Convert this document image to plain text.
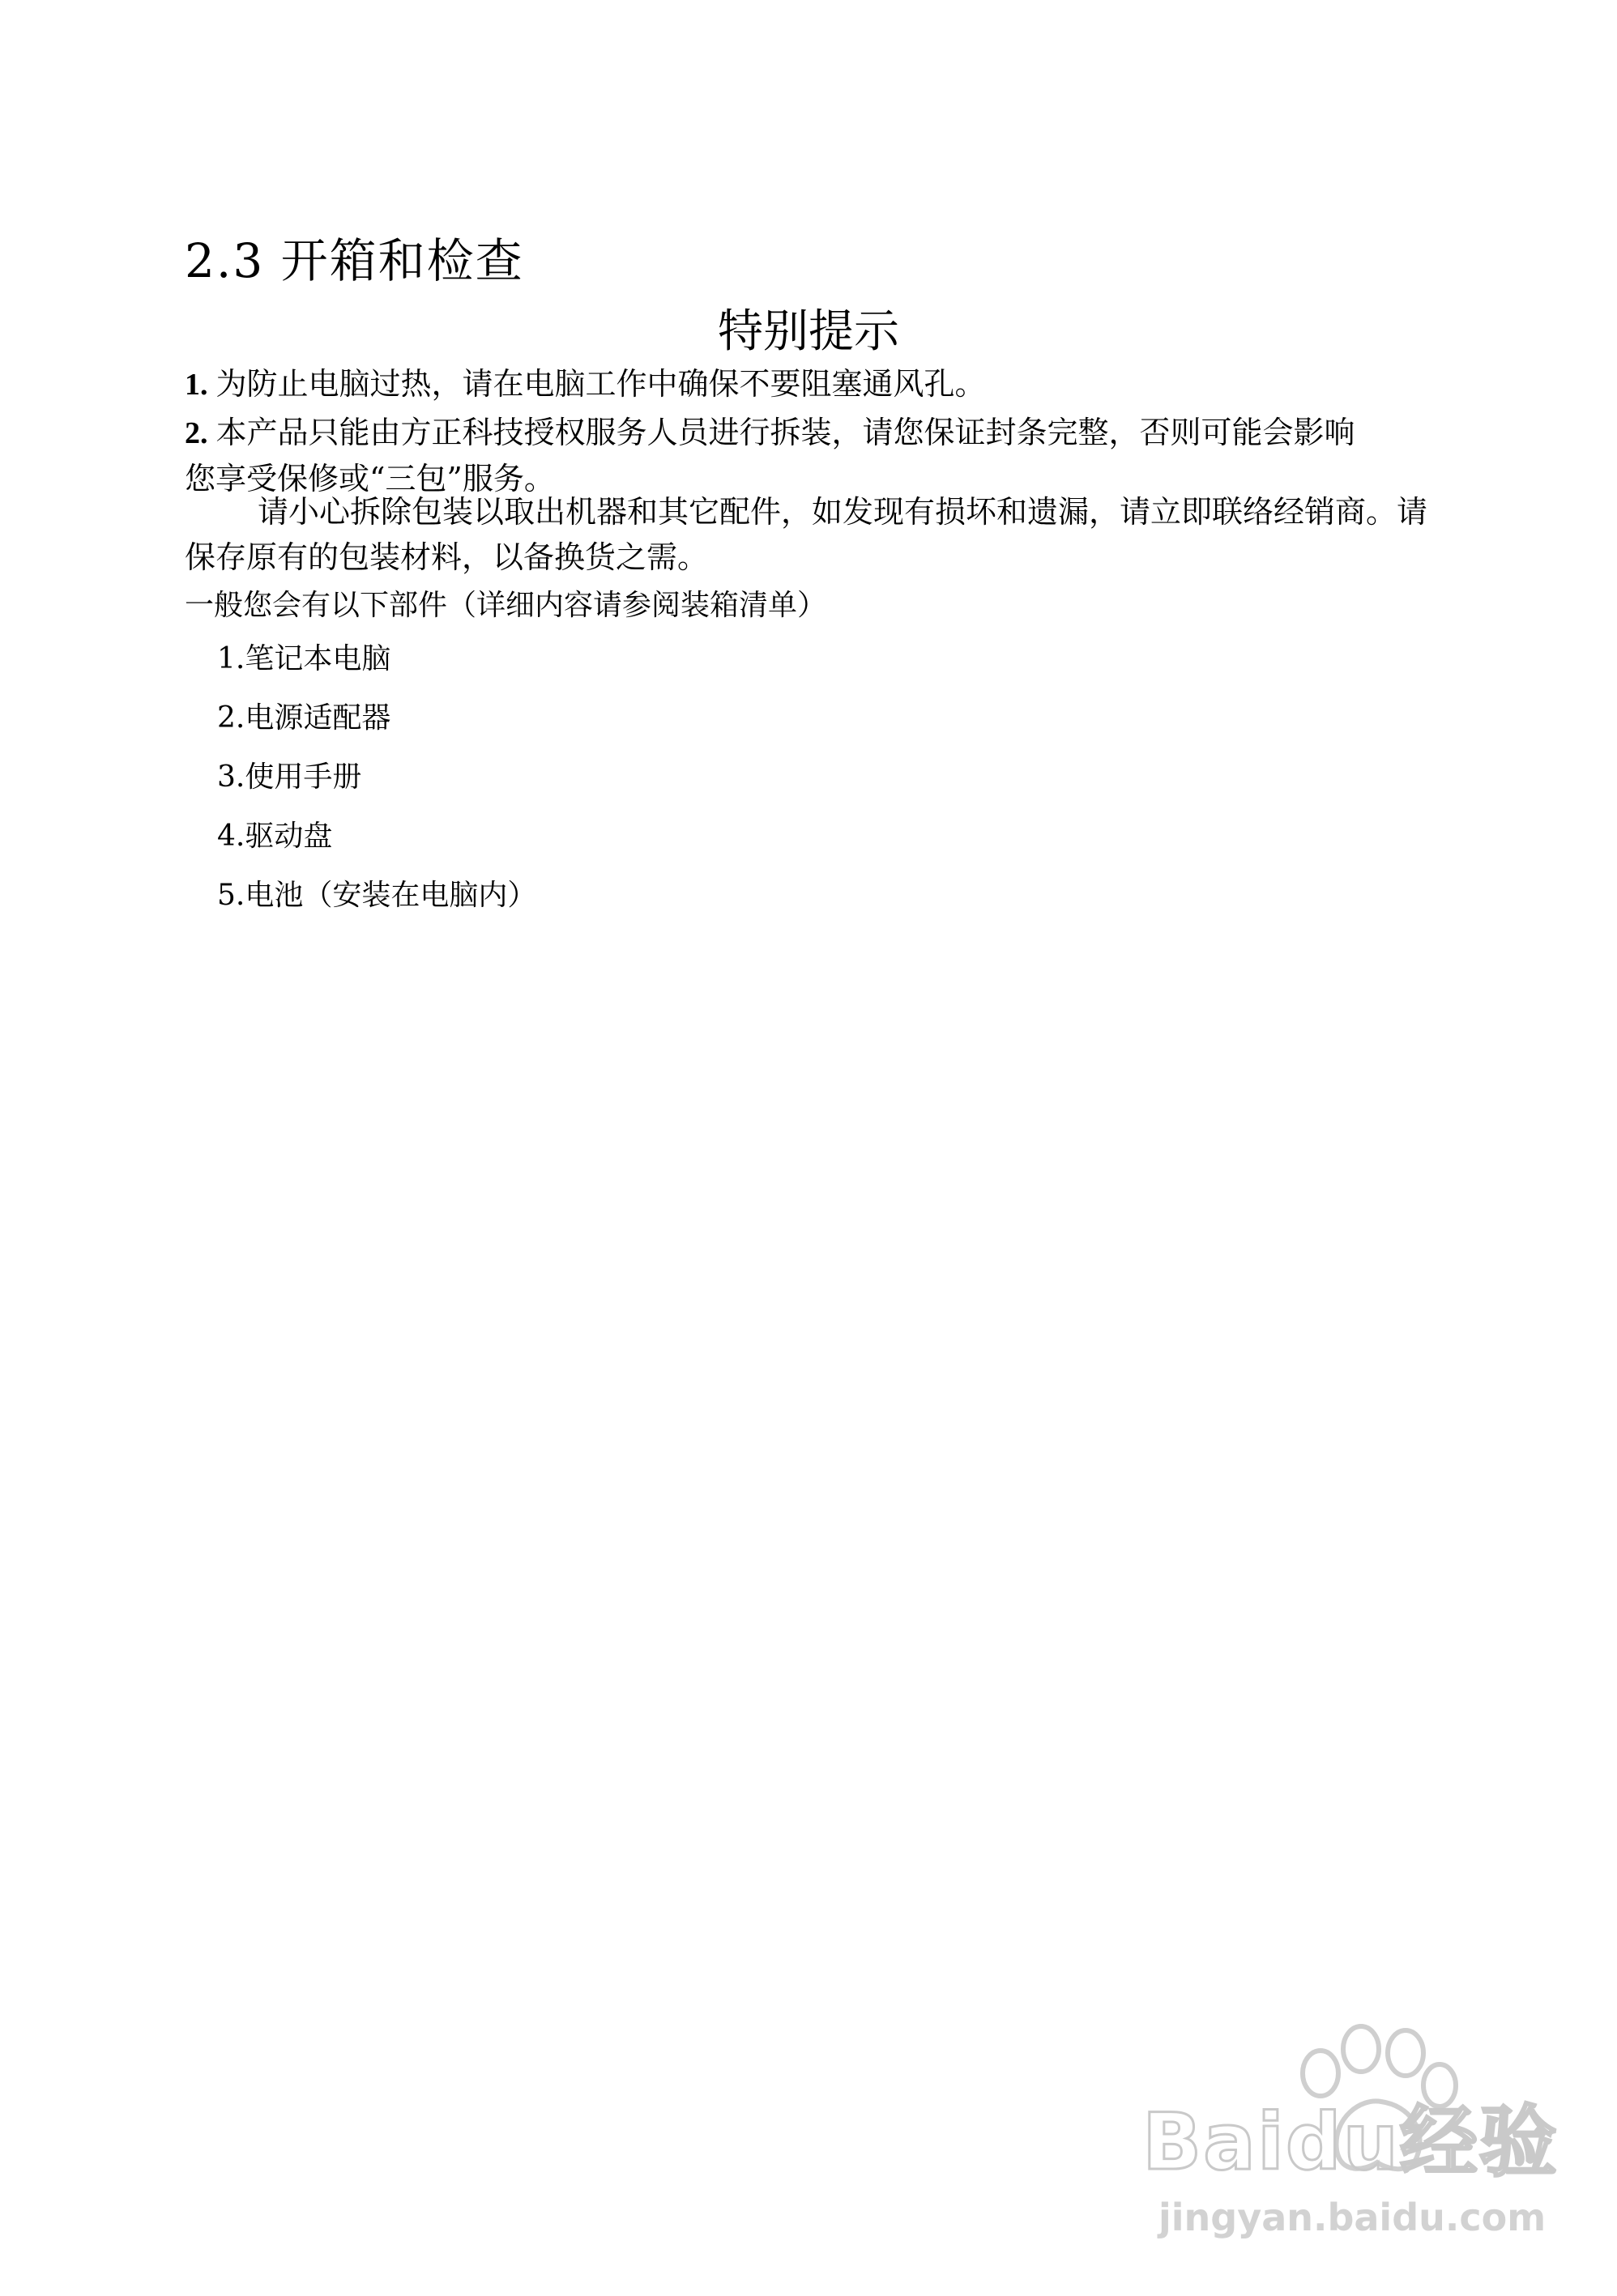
2.3 开箱和检查
特别提示

1. 为防止电脑过热，请在电脑工作中确保不要阻塞通风孔。

2. 本产品只能由方正科技授权服务人员进行拆装，请您保证封条完整，否则可能会影响您享受保修或“三包”服务。

请小心拆除包装以取出机器和其它配件，如发现有损坏和遗漏，请立即联络经销商。请保存原有的包装材料，以备换货之需。

一般您会有以下部件（详细内容请参阅装箱清单）

1.笔记本电脑
2.电源适配器
3.使用手册
4.驱动盘
5.电池（安装在电脑内）
Baidu经验
jingyan.baidu.com
